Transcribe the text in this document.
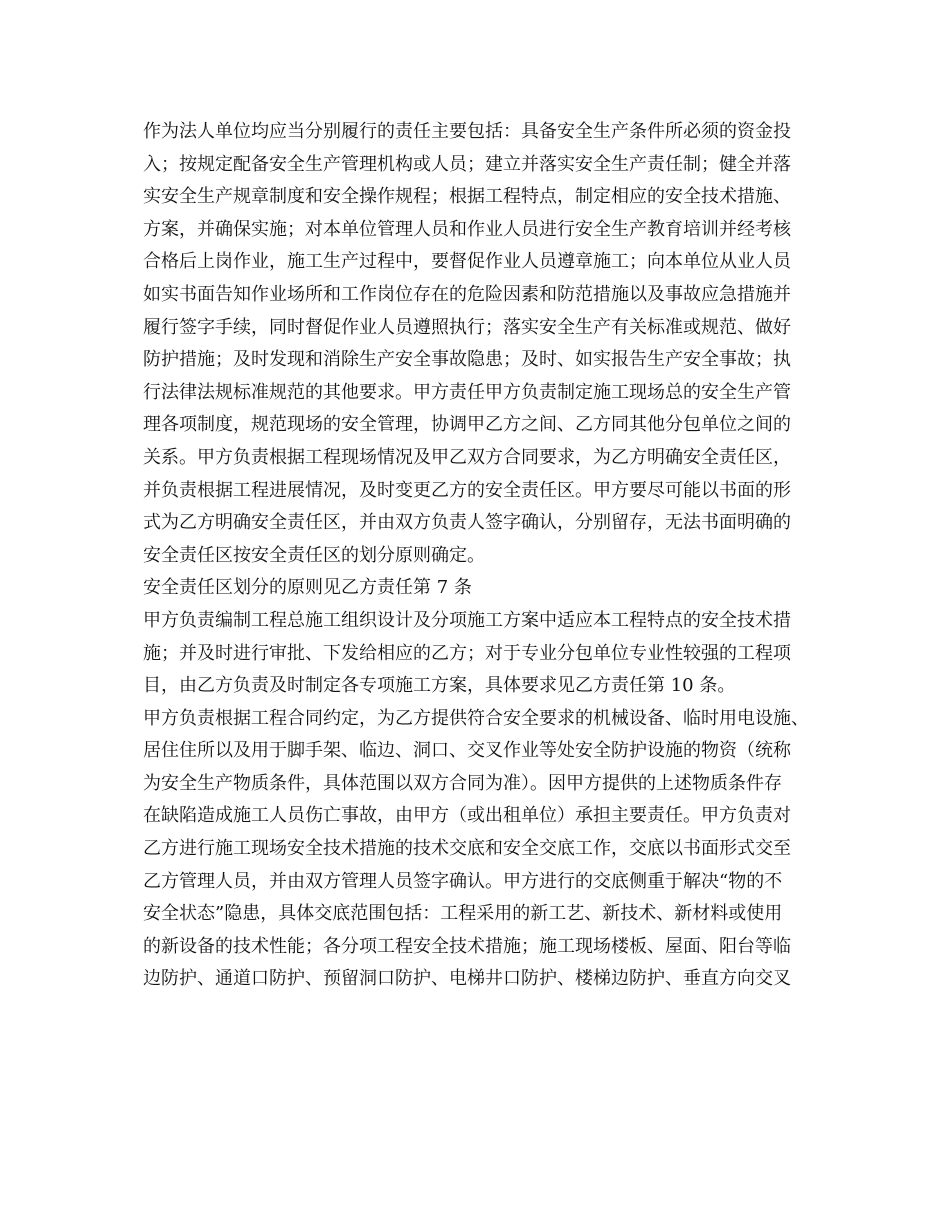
作为法人单位均应当分别履行的责任主要包括：具备安全生产条件所必须的资金投
入；按规定配备安全生产管理机构或人员；建立并落实安全生产责任制；健全并落
实安全生产规章制度和安全操作规程；根据工程特点，制定相应的安全技术措施、
方案，并确保实施；对本单位管理人员和作业人员进行安全生产教育培训并经考核
合格后上岗作业，施工生产过程中，要督促作业人员遵章施工；向本单位从业人员
如实书面告知作业场所和工作岗位存在的危险因素和防范措施以及事故应急措施并
履行签字手续，同时督促作业人员遵照执行；落实安全生产有关标准或规范、做好
防护措施；及时发现和消除生产安全事故隐患；及时、如实报告生产安全事故；执
行法律法规标准规范的其他要求。甲方责任甲方负责制定施工现场总的安全生产管
理各项制度，规范现场的安全管理，协调甲乙方之间、乙方同其他分包单位之间的
关系。甲方负责根据工程现场情况及甲乙双方合同要求，为乙方明确安全责任区，
并负责根据工程进展情况，及时变更乙方的安全责任区。甲方要尽可能以书面的形
式为乙方明确安全责任区，并由双方负责人签字确认，分别留存，无法书面明确的
安全责任区按安全责任区的划分原则确定。
安全责任区划分的原则见乙方责任第 7 条
甲方负责编制工程总施工组织设计及分项施工方案中适应本工程特点的安全技术措
施；并及时进行审批、下发给相应的乙方；对于专业分包单位专业性较强的工程项
目，由乙方负责及时制定各专项施工方案，具体要求见乙方责任第 10 条。
甲方负责根据工程合同约定，为乙方提供符合安全要求的机械设备、临时用电设施、
居住住所以及用于脚手架、临边、洞口、交叉作业等处安全防护设施的物资（统称
为安全生产物质条件，具体范围以双方合同为准）。因甲方提供的上述物质条件存
在缺陷造成施工人员伤亡事故，由甲方（或出租单位）承担主要责任。甲方负责对
乙方进行施工现场安全技术措施的技术交底和安全交底工作，交底以书面形式交至
乙方管理人员，并由双方管理人员签字确认。甲方进行的交底侧重于解决“物的不
安全状态”隐患，具体交底范围包括：工程采用的新工艺、新技术、新材料或使用
的新设备的技术性能；各分项工程安全技术措施；施工现场楼板、屋面、阳台等临
边防护、通道口防护、预留洞口防护、电梯井口防护、楼梯边防护、垂直方向交叉
